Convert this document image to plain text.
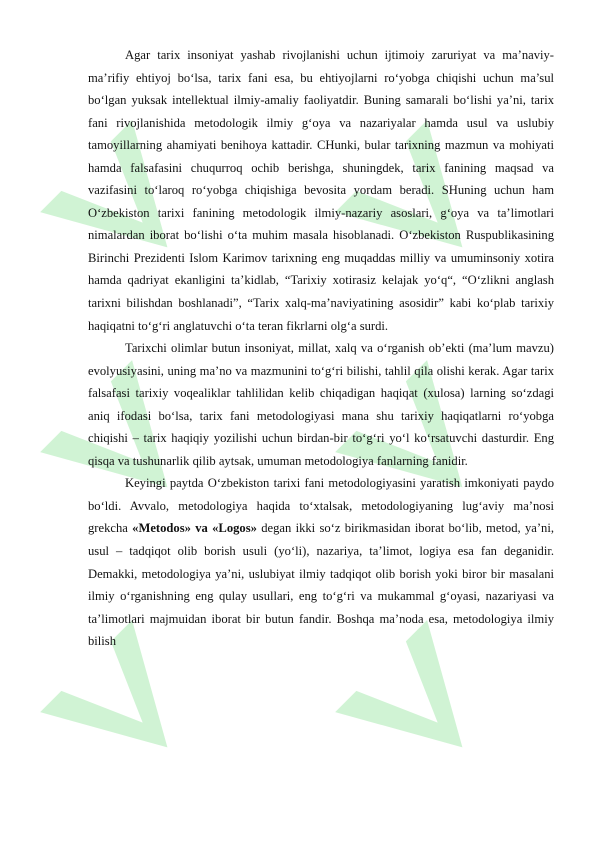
Agar tarix insoniyat yashab rivojlanishi uchun ijtimoiy zaruriyat va ma’naviy-ma’rifiy ehtiyoj bo‘lsa, tarix fani esa, bu ehtiyojlarni ro‘yobga chiqishi uchun ma’sul bo‘lgan yuksak intellektual ilmiy-amaliy faoliyatdir. Buning samarali bo‘lishi ya’ni, tarix fani rivojlanishida metodologik ilmiy g‘oya va nazariyalar hamda usul va uslubiy tamoyillarning ahamiyati benihoya kattadir. CHunki, bular tarixning mazmun va mohiyati hamda falsafasini chuqurroq ochib berishga, shuningdek, tarix fanining maqsad va vazifasini to‘laroq ro‘yobga chiqishiga bevosita yordam beradi. SHuning uchun ham O‘zbekiston tarixi fanining metodologik ilmiy-nazariy asoslari, g‘oya va ta’limotlari nimalardan iborat bo‘lishi o‘ta muhim masala hisoblanadi. O‘zbekiston Ruspublikasining Birinchi Prezidenti Islom Karimov tarixning eng muqaddas milliy va umuminsoniy xotira hamda qadriyat ekanligini ta’kidlab, “Tarixiy xotirasiz kelajak yo‘q“, “O‘zlikni anglash tarixni bilishdan boshlanadi”, “Tarix xalq-ma’naviyatining asosidir” kabi ko‘plab tarixiy haqiqatni to‘g‘ri anglatuvchi o‘ta teran fikrlarni olg‘a surdi.

Tarixchi olimlar butun insoniyat, millat, xalq va o‘rganish ob’ekti (ma’lum mavzu) evolyusiyasini, uning ma’no va mazmunini to‘g‘ri bilishi, tahlil qila olishi kerak. Agar tarix falsafasi tarixiy voqealiklar tahlilidan kelib chiqadigan haqiqat (xulosa) larning so‘zdagi aniq ifodasi bo‘lsa, tarix fani metodologiyasi mana shu tarixiy haqiqatlarni ro‘yobga chiqishi – tarix haqiqiy yozilishi uchun birdan-bir to‘g‘ri yo‘l ko‘rsatuvchi dasturdir. Eng qisqa va tushunarlik qilib aytsak, umuman metodologiya fanlarning fanidir.

Keyingi paytda O‘zbekiston tarixi fani metodologiyasini yaratish imkoniyati paydo bo‘ldi. Avvalo, metodologiya haqida to‘xtalsak, metodologiyaning lug‘aviy ma’nosi grekcha «Metodos» va «Logos» degan ikki so‘z birikmasidan iborat bo‘lib, metod, ya’ni, usul – tadqiqot olib borish usuli (yo‘li), nazariya, ta’limot, logiya esa fan deganidir. Demakki, metodologiya ya’ni, uslubiyat ilmiy tadqiqot olib borish yoki biror bir masalani ilmiy o‘rganishning eng qulay usullari, eng to‘g‘ri va mukammal g‘oyasi, nazariyasi va ta’limotlari majmuidan iborat bir butun fandir. Boshqa ma’noda esa, metodologiya ilmiy bilish
